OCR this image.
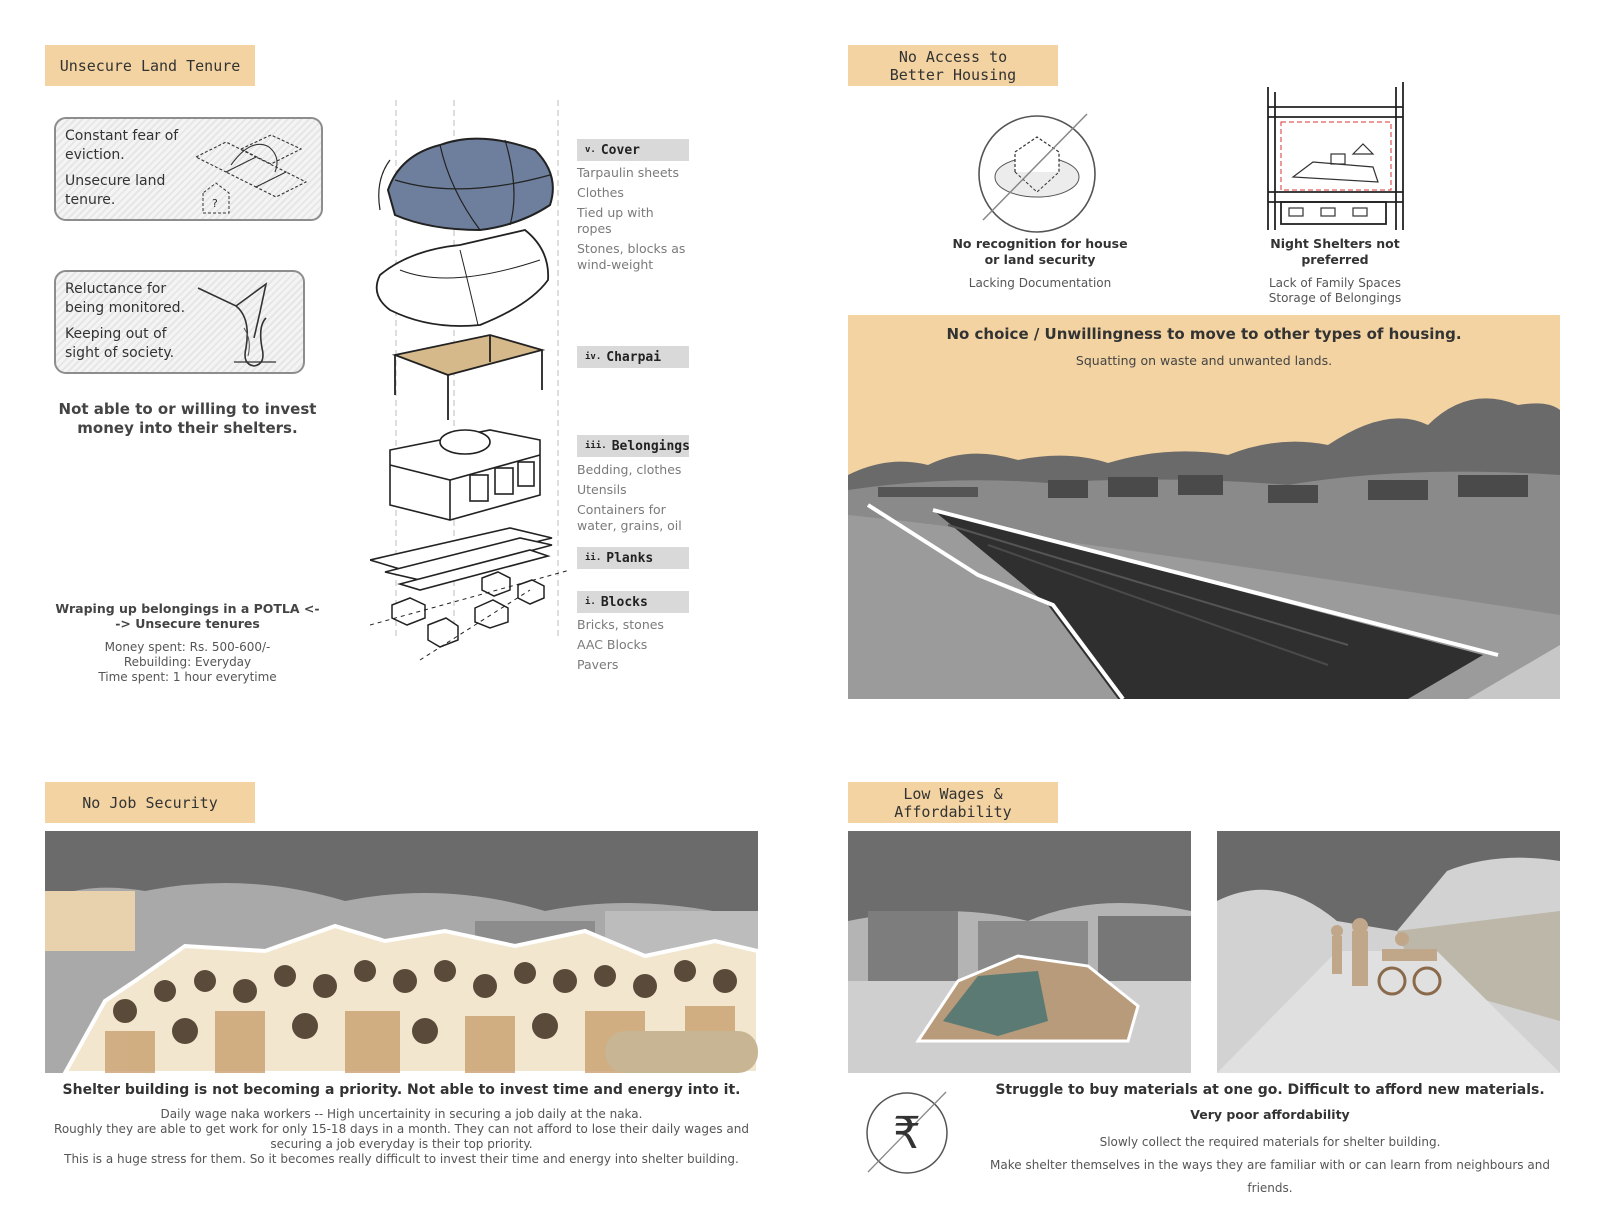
Unsecure Land Tenure
Constant fear of eviction.
Unsecure land tenure.	?
Reluctance for being monitored.
Keeping out of sight of society.
Not able to or willing to invest money into their shelters.
Wraping up belongings in a POTLA <--> Unsecure tenures
Money spent: Rs. 500-600/-
Rebuilding: Everyday
Time spent: 1 hour everytime
v. Cover
Tarpaulin sheets
Clothes
Tied up with ropes
Stones, blocks as wind-weight
iv. Charpai
iii. Belongings
Bedding, clothes
Utensils
Containers for water, grains, oil
ii. Planks
i. Blocks
Bricks, stones
AAC Blocks
Pavers
No Access to
Better Housing
No recognition for house or land security
Lacking Documentation
Night Shelters not preferred
Lack of Family Spaces
Storage of Belongings
No choice / Unwillingness to move to other types of housing.
Squatting on waste and unwanted lands.
No Job Security
Shelter building is not becoming a priority. Not able to invest time and energy into it.
Daily wage naka workers -- High uncertainity in securing a job daily at the naka.
Roughly they are able to get work for only 15-18 days in a month. They can not afford to lose their daily wages and securing a job everyday is their top priority.
This is a huge stress for them. So it becomes really difficult to invest their time and energy into shelter building.
Low Wages &
Affordability
₹
Struggle to buy materials at one go. Difficult to afford new materials.
Very poor affordability
Slowly collect the required materials for shelter building.
Make shelter themselves in the ways they are familiar with or can learn from neighbours and friends.
